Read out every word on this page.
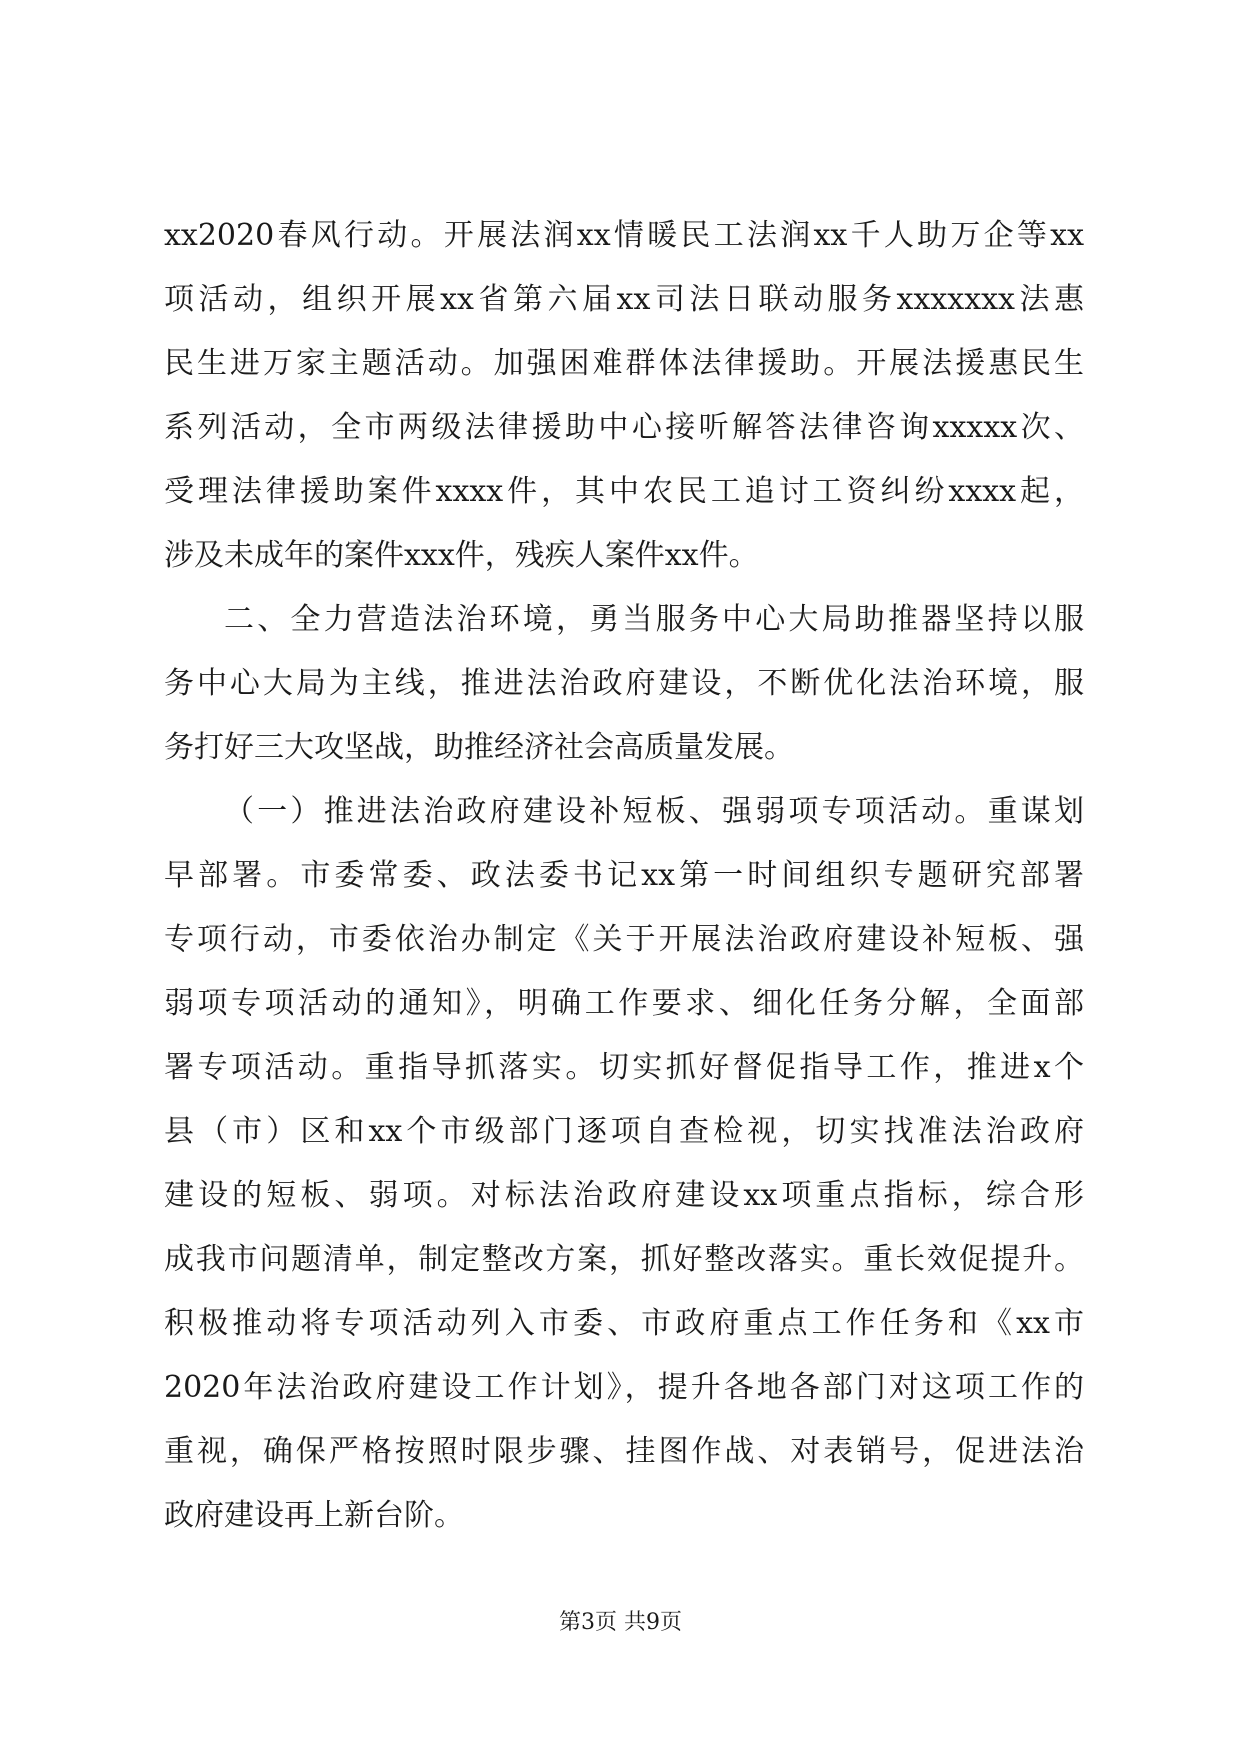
xx2020春风行动。开展法润xx情暖民工法润xx千人助万企等xx
项活动，组织开展xx省第六届xx司法日联动服务xxxxxxx法惠
民生进万家主题活动。加强困难群体法律援助。开展法援惠民生
系列活动，全市两级法律援助中心接听解答法律咨询xxxxx次、
受理法律援助案件xxxx件，其中农民工追讨工资纠纷xxxx起，
涉及未成年的案件xxx件，残疾人案件xx件。
二、全力营造法治环境，勇当服务中心大局助推器坚持以服
务中心大局为主线，推进法治政府建设，不断优化法治环境，服
务打好三大攻坚战，助推经济社会高质量发展。
（一）推进法治政府建设补短板、强弱项专项活动。重谋划
早部署。市委常委、政法委书记xx第一时间组织专题研究部署
专项行动，市委依治办制定《关于开展法治政府建设补短板、强
弱项专项活动的通知》，明确工作要求、细化任务分解，全面部
署专项活动。重指导抓落实。切实抓好督促指导工作，推进x个
县（市）区和xx个市级部门逐项自查检视，切实找准法治政府
建设的短板、弱项。对标法治政府建设xx项重点指标，综合形
成我市问题清单，制定整改方案，抓好整改落实。重长效促提升。
积极推动将专项活动列入市委、市政府重点工作任务和《xx市
2020年法治政府建设工作计划》，提升各地各部门对这项工作的
重视，确保严格按照时限步骤、挂图作战、对表销号，促进法治
政府建设再上新台阶。
第3页 共9页
